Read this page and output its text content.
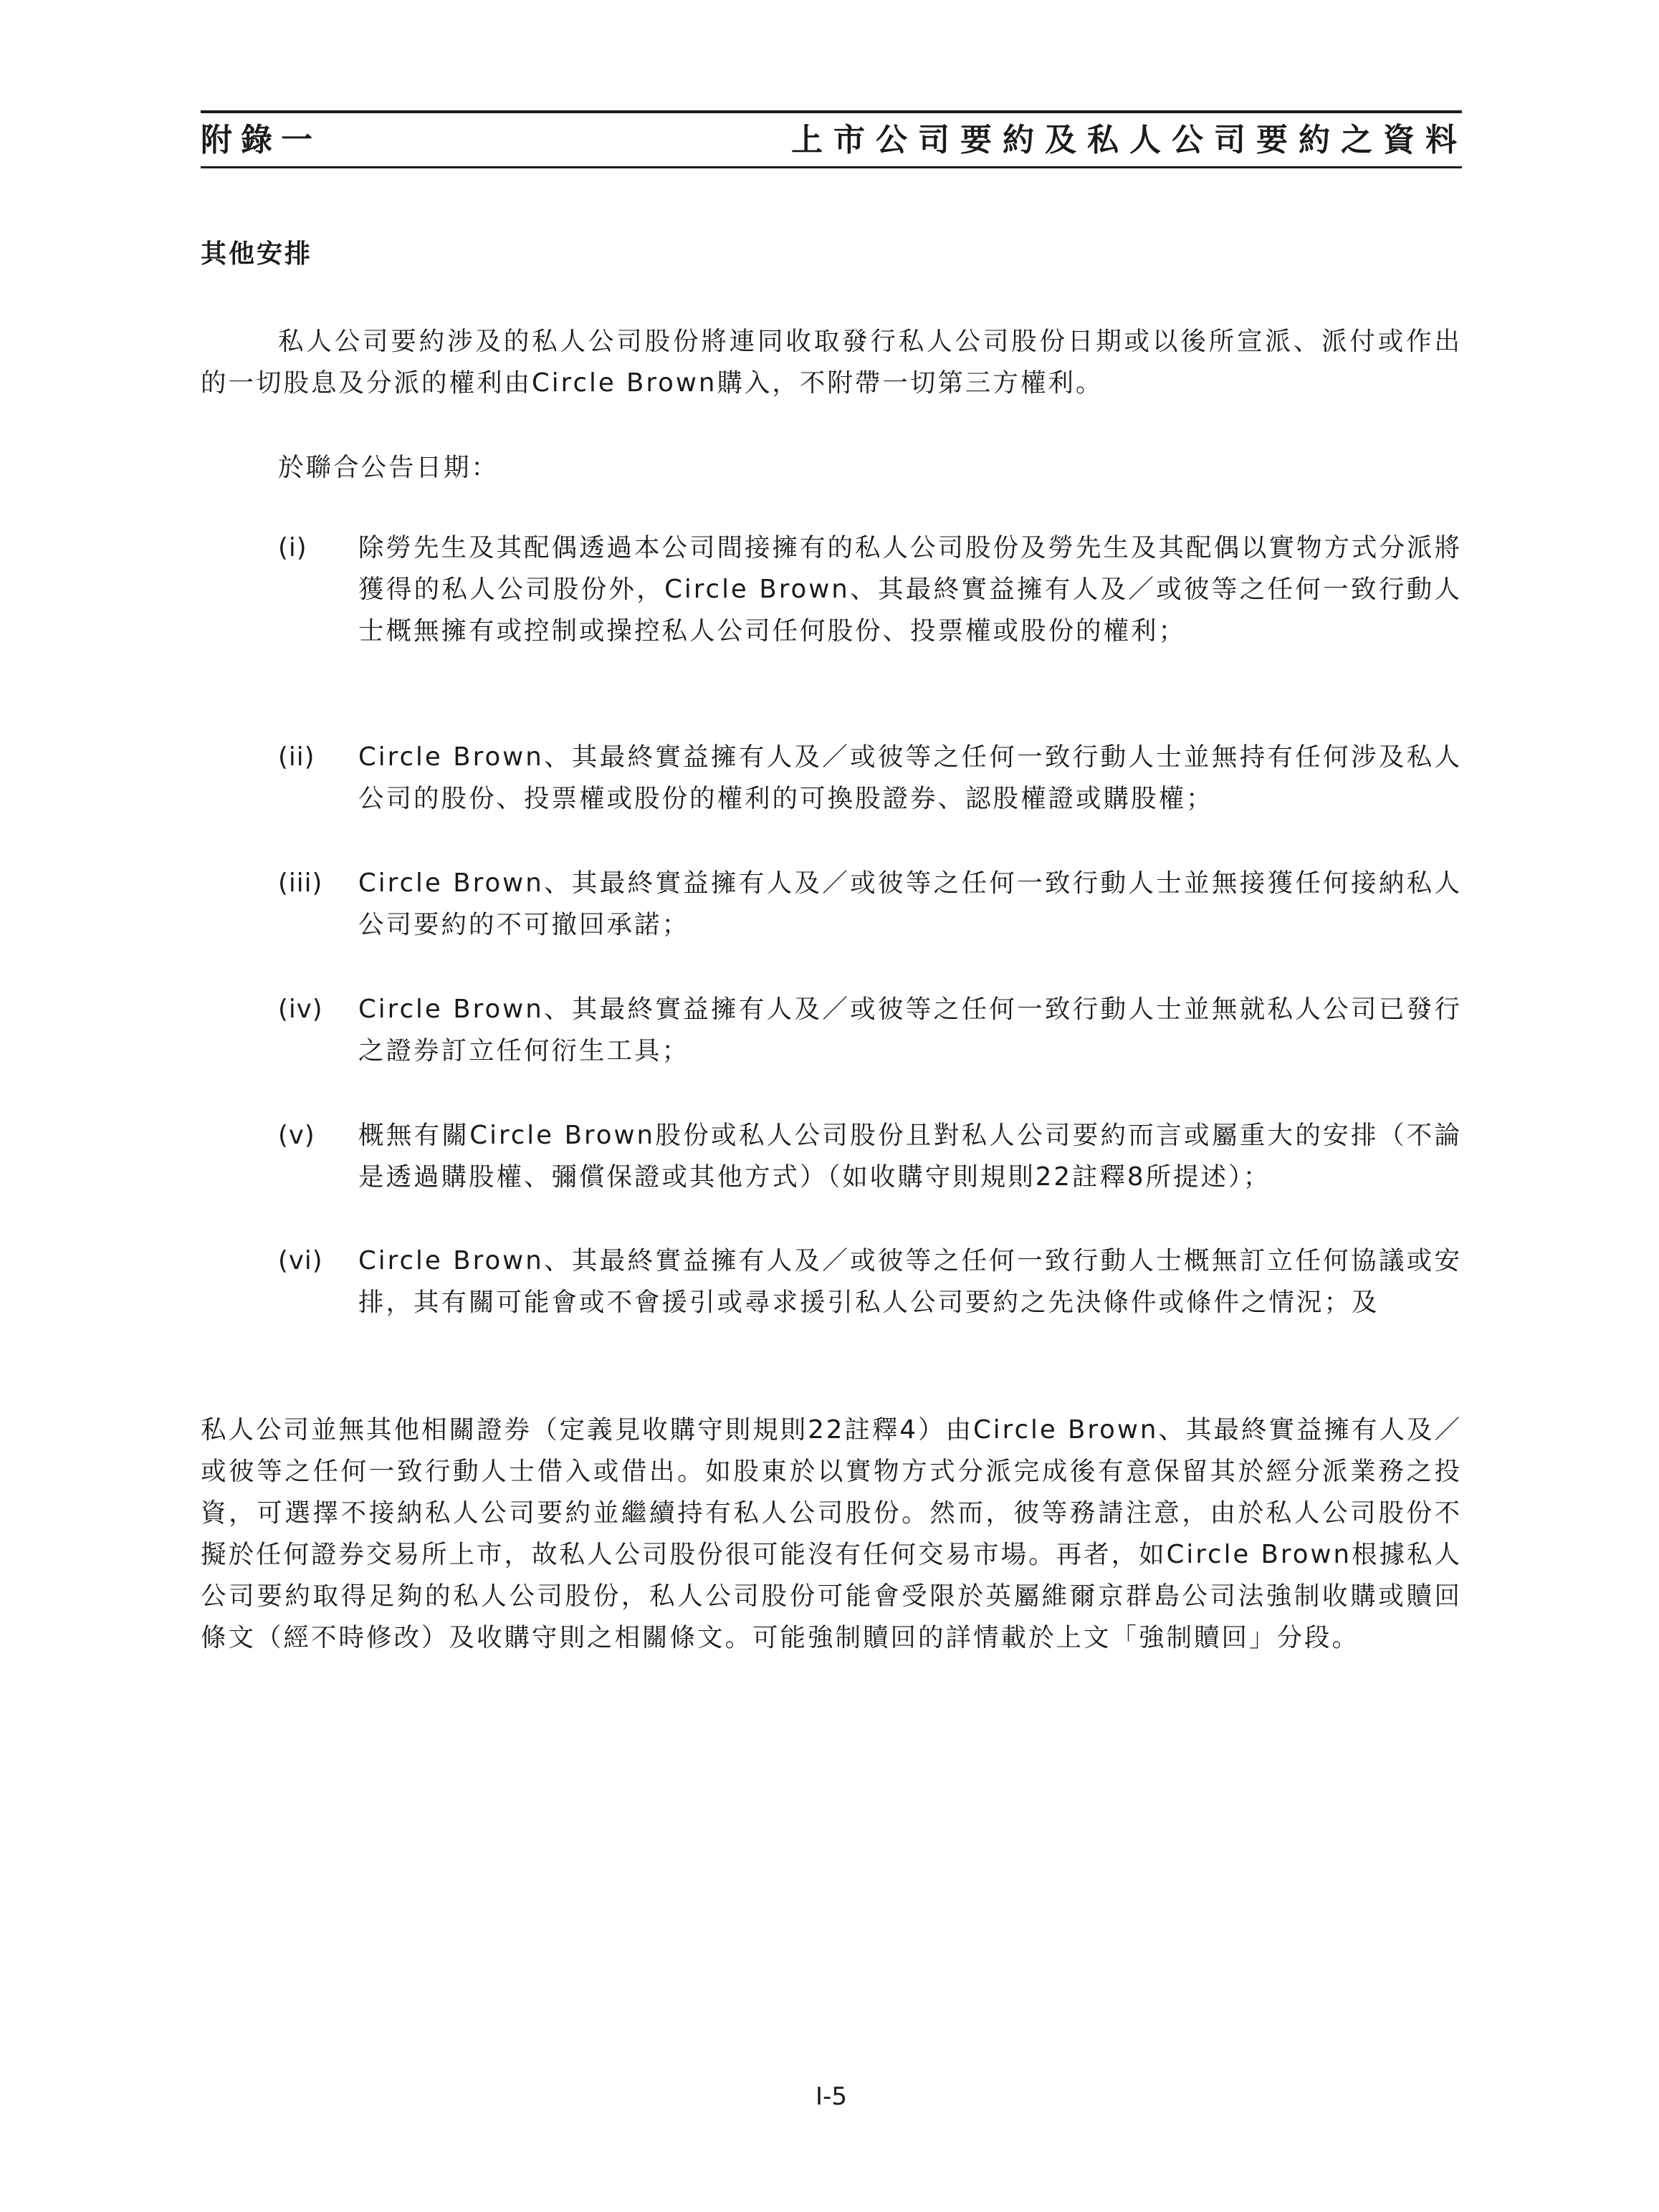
附錄一	上市公司要約及私人公司要約之資料
其他安排
私人公司要約涉及的私人公司股份將連同收取發行私人公司股份日期或以後所宣派、派付或作出的一切股息及分派的權利由Circle Brown購入，不附帶一切第三方權利。
於聯合公告日期：
(i) 除勞先生及其配偶透過本公司間接擁有的私人公司股份及勞先生及其配偶以實物方式分派將獲得的私人公司股份外，Circle Brown、其最終實益擁有人及／或彼等之任何一致行動人士概無擁有或控制或操控私人公司任何股份、投票權或股份的權利；
(ii) Circle Brown、其最終實益擁有人及／或彼等之任何一致行動人士並無持有任何涉及私人公司的股份、投票權或股份的權利的可換股證券、認股權證或購股權；
(iii) Circle Brown、其最終實益擁有人及／或彼等之任何一致行動人士並無接獲任何接納私人公司要約的不可撤回承諾；
(iv) Circle Brown、其最終實益擁有人及／或彼等之任何一致行動人士並無就私人公司已發行之證券訂立任何衍生工具；
(v) 概無有關Circle Brown股份或私人公司股份且對私人公司要約而言或屬重大的安排（不論是透過購股權、彌償保證或其他方式）（如收購守則規則22註釋8所提述）；
(vi) Circle Brown、其最終實益擁有人及／或彼等之任何一致行動人士概無訂立任何協議或安排，其有關可能會或不會援引或尋求援引私人公司要約之先決條件或條件之情況；及
私人公司並無其他相關證券（定義見收購守則規則22註釋4）由Circle Brown、其最終實益擁有人及／或彼等之任何一致行動人士借入或借出。如股東於以實物方式分派完成後有意保留其於經分派業務之投資，可選擇不接納私人公司要約並繼續持有私人公司股份。然而，彼等務請注意，由於私人公司股份不擬於任何證券交易所上市，故私人公司股份很可能沒有任何交易市場。再者，如Circle Brown根據私人公司要約取得足夠的私人公司股份，私人公司股份可能會受限於英屬維爾京群島公司法強制收購或贖回條文（經不時修改）及收購守則之相關條文。可能強制贖回的詳情載於上文「強制贖回」分段。
I-5
